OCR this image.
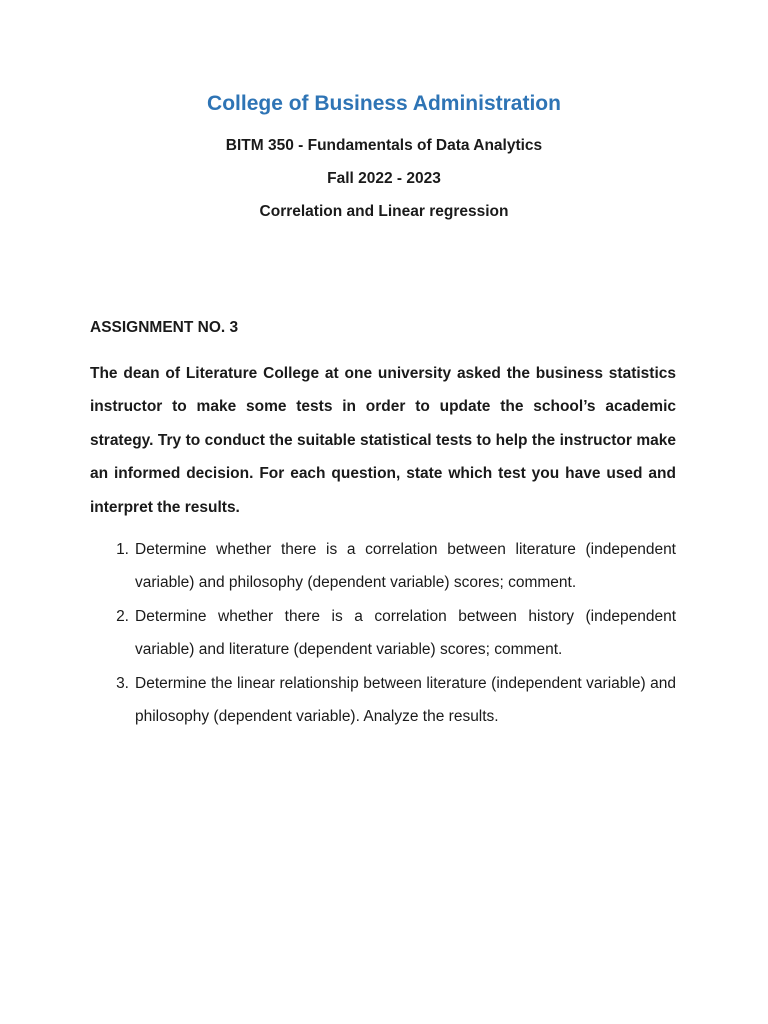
College of Business Administration

BITM 350 - Fundamentals of Data Analytics

Fall 2022 - 2023

Correlation and Linear regression

ASSIGNMENT NO. 3

The dean of Literature College at one university asked the business statistics instructor to make some tests in order to update the school’s academic strategy. Try to conduct the suitable statistical tests to help the instructor make an informed decision. For each question, state which test you have used and interpret the results.

1. Determine whether there is a correlation between literature (independent variable) and philosophy (dependent variable) scores; comment.
2. Determine whether there is a correlation between history (independent variable) and literature (dependent variable) scores; comment.
3. Determine the linear relationship between literature (independent variable) and philosophy (dependent variable). Analyze the results.
